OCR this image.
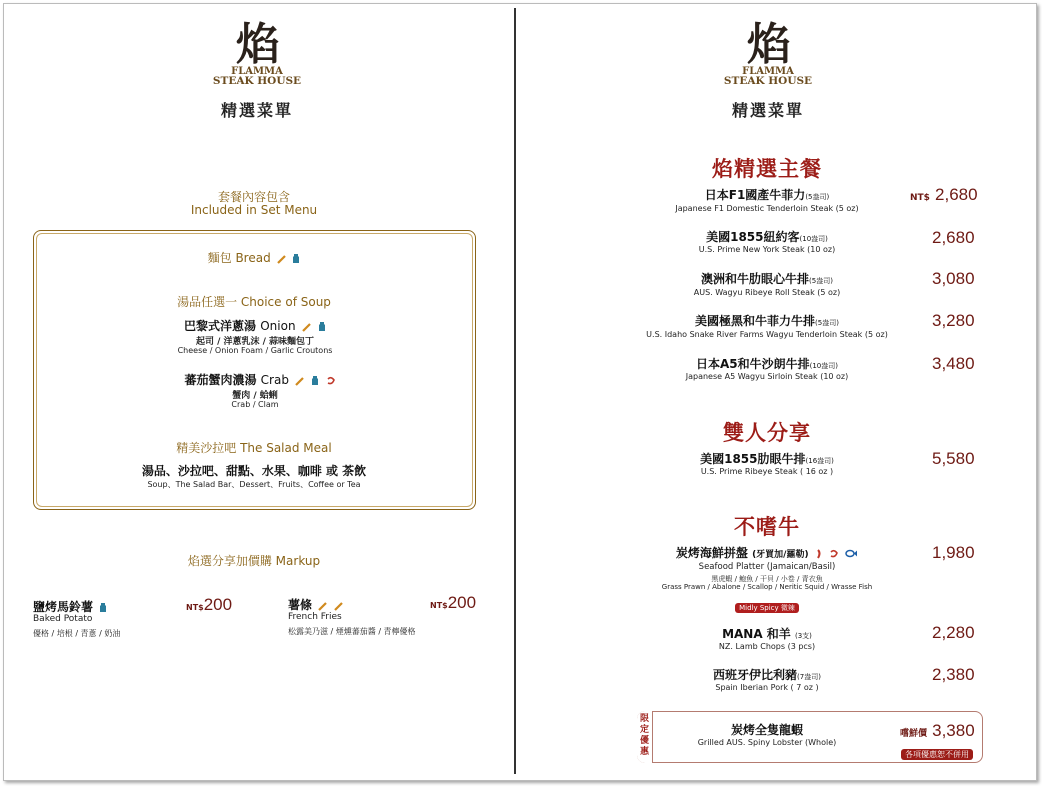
焰
FLAMMA
STEAK HOUSE
精選菜單
套餐內容包含
Included in Set Menu
麵包 Bread
湯品任選一 Choice of Soup
巴黎式洋蔥湯 Onion
起司 / 洋蔥乳沫 / 蒜味麵包丁
Cheese / Onion Foam / Garlic Croutons
蕃茄蟹肉濃湯 Crab
蟹肉 / 蛤蜊
Crab / Clam
精美沙拉吧 The Salad Meal
湯品、沙拉吧、甜點、水果、咖啡 或 茶飲
Soup、The Salad Bar、Dessert、Fruits、Coffee or Tea
焰選分享加價購 Markup
鹽烤馬鈴薯
Baked Potato
優格 / 培根 / 青蔥 / 奶油
NT$200	薯條
French Fries
松露美乃滋 / 煙燻蕃茄醬 / 青檸優格
NT$200
焰
FLAMMA
STEAK HOUSE
精選菜單
焰精選主餐
日本F1國產牛菲力(5盎司)
Japanese F1 Domestic Tenderloin Steak (5 oz)
NT$ 2,680
美國1855紐約客(10盎司)
U.S. Prime New York Steak (10 oz)
2,680
澳洲和牛肋眼心牛排(5盎司)
AUS. Wagyu Ribeye Roll Steak (5 oz)
3,080
美國極黑和牛菲力牛排(5盎司)
U.S. Idaho Snake River Farms Wagyu Tenderloin Steak (5 oz)
3,280
日本A5和牛沙朗牛排(10盎司)
Japanese A5 Wagyu Sirloin Steak (10 oz)
3,480
雙人分享
美國1855肋眼牛排(16盎司)
U.S. Prime Ribeye Steak ( 16 oz )
5,580
不嗜牛
炭烤海鮮拼盤 (牙買加/羅勒)
Seafood Platter (Jamaican/Basil)
黑虎蝦 / 鮑魚 / 干貝 / 小卷 / 青衣魚
Grass Prawn / Abalone / Scallop / Neritic Squid / Wrasse Fish
Midly Spicy 微辣
1,980
MANA 和羊 (3支)
NZ. Lamb Chops (3 pcs)
2,280
西班牙伊比利豬(7盎司)
Spain Iberian Pork ( 7 oz )
2,380
限定優惠
炭烤全隻龍蝦
Grilled AUS. Spiny Lobster (Whole)
嚐鮮價 3,380
各項優惠恕不併用
